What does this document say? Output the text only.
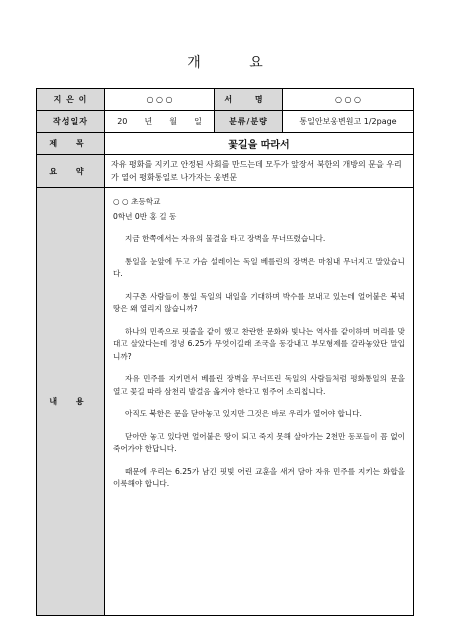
개 요
지 은 이	○ ○ ○	서 명	○ ○ ○
작성일자	20  년  월  일	분류/분량	통일안보웅변원고 1/2page
제 목	꽃길을 따라서
요 약
자유 평화를 지키고 안정된 사회를 만드는데 모두가 앞장서 북한의 개방의 문을 우리가 열어 평화통일로 나가자는 웅변문
내 용

○ ○ 초등학교

0학년 0반 홍 길 동

지금 한쪽에서는 자유의 물결을 타고 장벽을 무너뜨렸습니다.

통일을 눈앞에 두고 가슴 설레이는 독일 베를린의 장벽은 마침내 무너지고 말았습니다.

지구촌 사람들이 통일 독일의 내일을 기대하며 박수를 보내고 있는데 얼어붙은 북녘 땅은 왜 열리지 않습니까?

하나의 민족으로 핏줄을 같이 했고 찬란한 문화와 빛나는 역사를 같이하며 머리를 맞대고 살았다는데 정녕 6.25가 무엇이길래 조국을 동강내고 부모형제를 갈라놓았단 말입니까?

자유 민주를 지키면서 베를린 장벽을 무너뜨린 독일의 사람들처럼 평화통일의 문을 열고 꽃길 따라 삼천리 발걸음 옮겨야 한다고 힘주어 소리칩니다.

아직도 북한은 문을 닫아놓고 있지만 그것은 바로 우리가 열어야 합니다.

닫아만 놓고 있다면 얼어붙은 땅이 되고 죽지 못해 살아가는 2천만 동포들이 꼼 없이 죽어가야 한답니다.

때문에 우리는 6.25가 남긴 핏빛 어린 교훈을 새겨 담아 자유 민주를 지키는 화합을 이룩해야 합니다.
